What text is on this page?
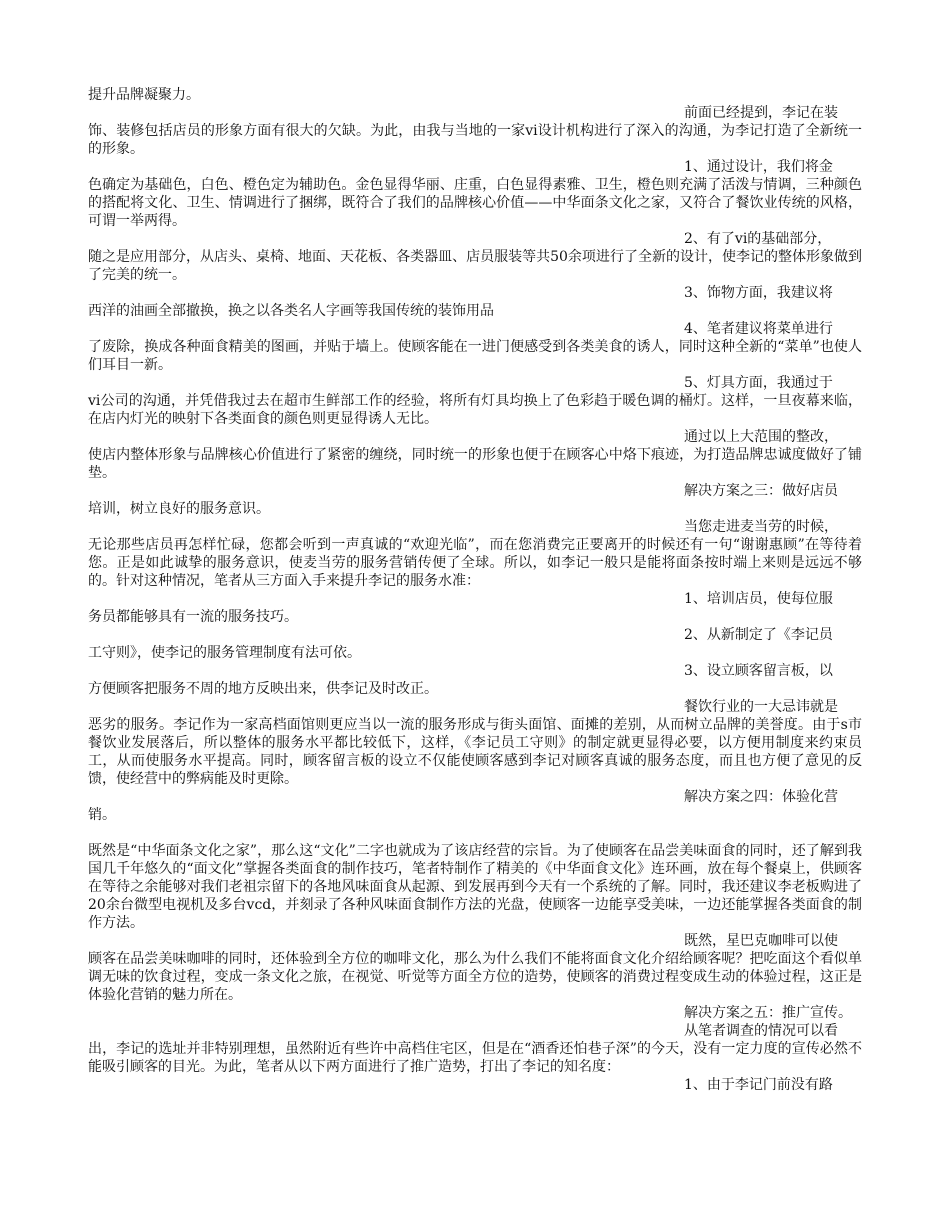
提升品牌凝聚力。
前面已经提到，李记在装
饰、装修包括店员的形象方面有很大的欠缺。为此，由我与当地的一家vi设计机构进行了深入的沟通，为李记打造了全新统一的形象。
1、通过设计，我们将金
色确定为基础色，白色、橙色定为辅助色。金色显得华丽、庄重，白色显得素雅、卫生，橙色则充满了活泼与情调，三种颜色的搭配将文化、卫生、情调进行了捆绑，既符合了我们的品牌核心价值——中华面条文化之家，又符合了餐饮业传统的风格，可谓一举两得。
2、有了vi的基础部分，
随之是应用部分，从店头、桌椅、地面、天花板、各类器皿、店员服装等共50余项进行了全新的设计，使李记的整体形象做到了完美的统一。
3、饰物方面，我建议将
西洋的油画全部撤换，换之以各类名人字画等我国传统的装饰用品
4、笔者建议将菜单进行
了废除，换成各种面食精美的图画，并贴于墙上。使顾客能在一进门便感受到各类美食的诱人，同时这种全新的“菜单”也使人们耳目一新。
5、灯具方面，我通过于
vi公司的沟通，并凭借我过去在超市生鲜部工作的经验，将所有灯具均换上了色彩趋于暖色调的桶灯。这样，一旦夜幕来临，在店内灯光的映射下各类面食的颜色则更显得诱人无比。
通过以上大范围的整改，
使店内整体形象与品牌核心价值进行了紧密的缠绕，同时统一的形象也便于在顾客心中烙下痕迹，为打造品牌忠诚度做好了铺垫。
解决方案之三：做好店员
培训，树立良好的服务意识。
当您走进麦当劳的时候，
无论那些店员再怎样忙碌，您都会听到一声真诚的“欢迎光临”，而在您消费完正要离开的时候还有一句“谢谢惠顾”在等待着您。正是如此诚挚的服务意识，使麦当劳的服务营销传便了全球。所以，如李记一般只是能将面条按时端上来则是远远不够的。针对这种情况，笔者从三方面入手来提升李记的服务水准：
1、培训店员，使每位服
务员都能够具有一流的服务技巧。
2、从新制定了《李记员
工守则》，使李记的服务管理制度有法可依。
3、设立顾客留言板，以
方便顾客把服务不周的地方反映出来，供李记及时改正。
餐饮行业的一大忌讳就是
恶劣的服务。李记作为一家高档面馆则更应当以一流的服务形成与街头面馆、面摊的差别，从而树立品牌的美誉度。由于s市餐饮业发展落后，所以整体的服务水平都比较低下，这样，《李记员工守则》的制定就更显得必要，以方便用制度来约束员工，从而使服务水平提高。同时，顾客留言板的设立不仅能使顾客感到李记对顾客真诚的服务态度，而且也方便了意见的反馈，使经营中的弊病能及时更除。
解决方案之四：体验化营
销。
既然是“中华面条文化之家”，那么这“文化”二字也就成为了该店经营的宗旨。为了使顾客在品尝美味面食的同时，还了解到我国几千年悠久的“面文化”掌握各类面食的制作技巧，笔者特制作了精美的《中华面食文化》连环画，放在每个餐桌上，供顾客在等待之余能够对我们老祖宗留下的各地风味面食从起源、到发展再到今天有一个系统的了解。同时，我还建议李老板购进了20余台微型电视机及多台vcd，并刻录了各种风味面食制作方法的光盘，使顾客一边能享受美味，一边还能掌握各类面食的制作方法。
既然，星巴克咖啡可以使
顾客在品尝美味咖啡的同时，还体验到全方位的咖啡文化，那么为什么我们不能将面食文化介绍给顾客呢？把吃面这个看似单调无味的饮食过程，变成一条文化之旅，在视觉、听觉等方面全方位的造势，使顾客的消费过程变成生动的体验过程，这正是体验化营销的魅力所在。
解决方案之五：推广宣传。
从笔者调查的情况可以看
出，李记的选址并非特别理想，虽然附近有些许中高档住宅区，但是在“酒香还怕巷子深”的今天，没有一定力度的宣传必然不能吸引顾客的目光。为此，笔者从以下两方面进行了推广造势，打出了李记的知名度：
1、由于李记门前没有路
